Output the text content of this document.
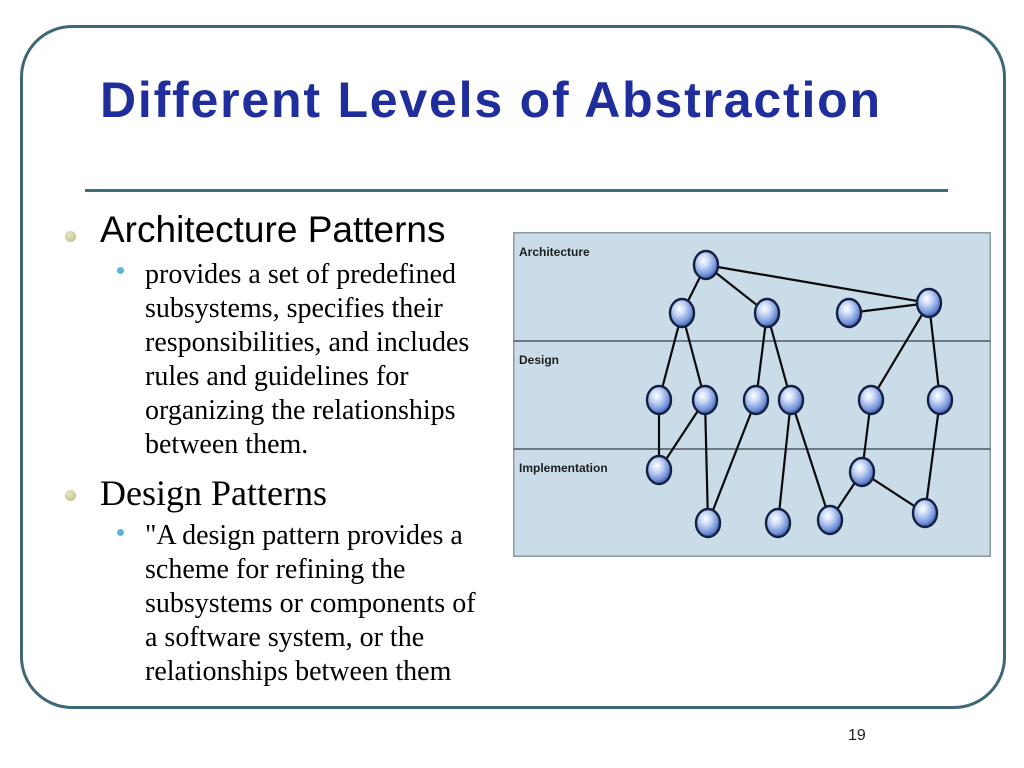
Different Levels of Abstraction

Architecture Patterns

provides a set of predefined subsystems, specifies their responsibilities, and includes rules and guidelines for organizing the relationships between them.

Design Patterns

"A design pattern provides a scheme for refining the subsystems or components of a software system, or the relationships between them

Architecture
Design
Implementation
19
